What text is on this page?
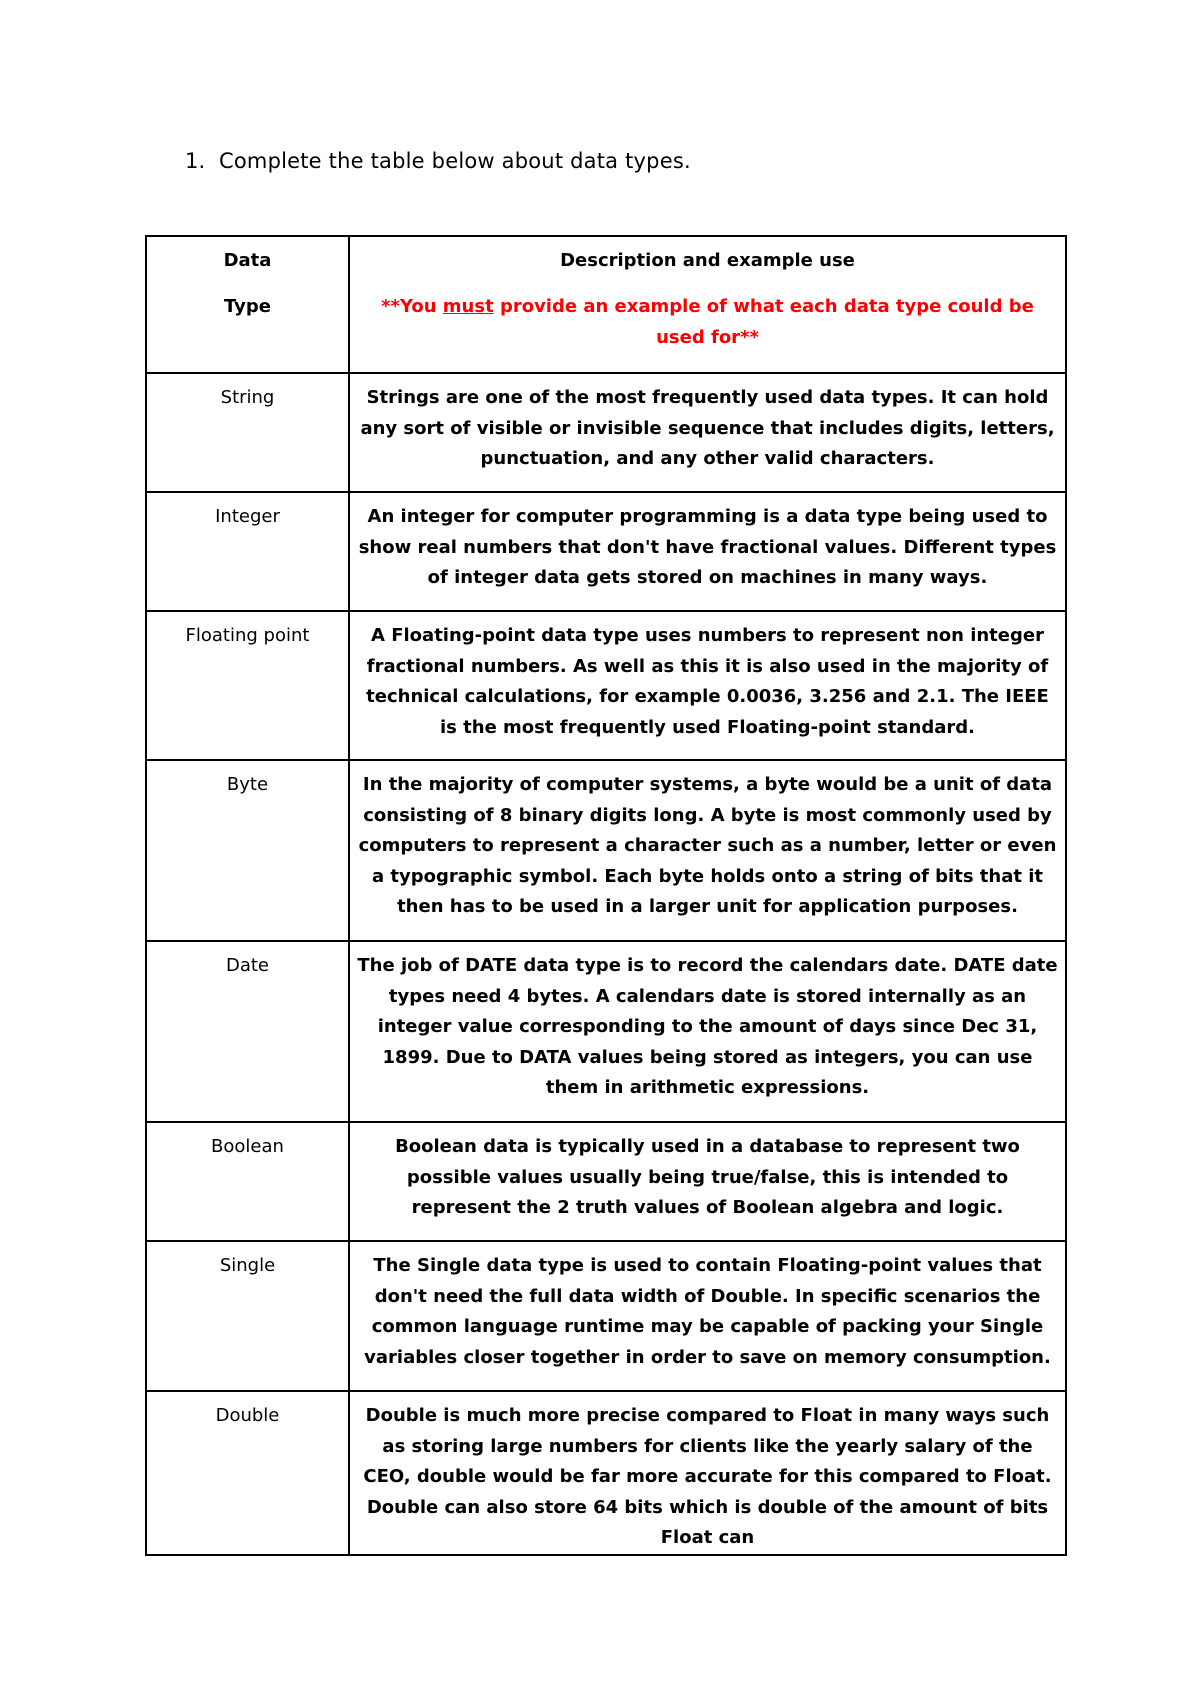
1. Complete the table below about data types.
Data
Type	Description and example use
**You must provide an example of what each data type could be used for**

String	Strings are one of the most frequently used data types. It can hold any sort of visible or invisible sequence that includes digits, letters, punctuation, and any other valid characters.
Integer	An integer for computer programming is a data type being used to show real numbers that don't have fractional values. Different types of integer data gets stored on machines in many ways.
Floating point	A Floating-point data type uses numbers to represent non integer fractional numbers. As well as this it is also used in the majority of technical calculations, for example 0.0036, 3.256 and 2.1. The IEEE is the most frequently used Floating-point standard.
Byte	In the majority of computer systems, a byte would be a unit of data consisting of 8 binary digits long. A byte is most commonly used by computers to represent a character such as a number, letter or even a typographic symbol. Each byte holds onto a string of bits that it then has to be used in a larger unit for application purposes.
Date	The job of DATE data type is to record the calendars date. DATE date types need 4 bytes. A calendars date is stored internally as an integer value corresponding to the amount of days since Dec 31, 1899. Due to DATA values being stored as integers, you can use them in arithmetic expressions.
Boolean	Boolean data is typically used in a database to represent two possible values usually being true/false, this is intended to represent the 2 truth values of Boolean algebra and logic.
Single	The Single data type is used to contain Floating-point values that don't need the full data width of Double. In specific scenarios the common language runtime may be capable of packing your Single variables closer together in order to save on memory consumption.
Double	Double is much more precise compared to Float in many ways such as storing large numbers for clients like the yearly salary of the CEO, double would be far more accurate for this compared to Float. Double can also store 64 bits which is double of the amount of bits Float can
